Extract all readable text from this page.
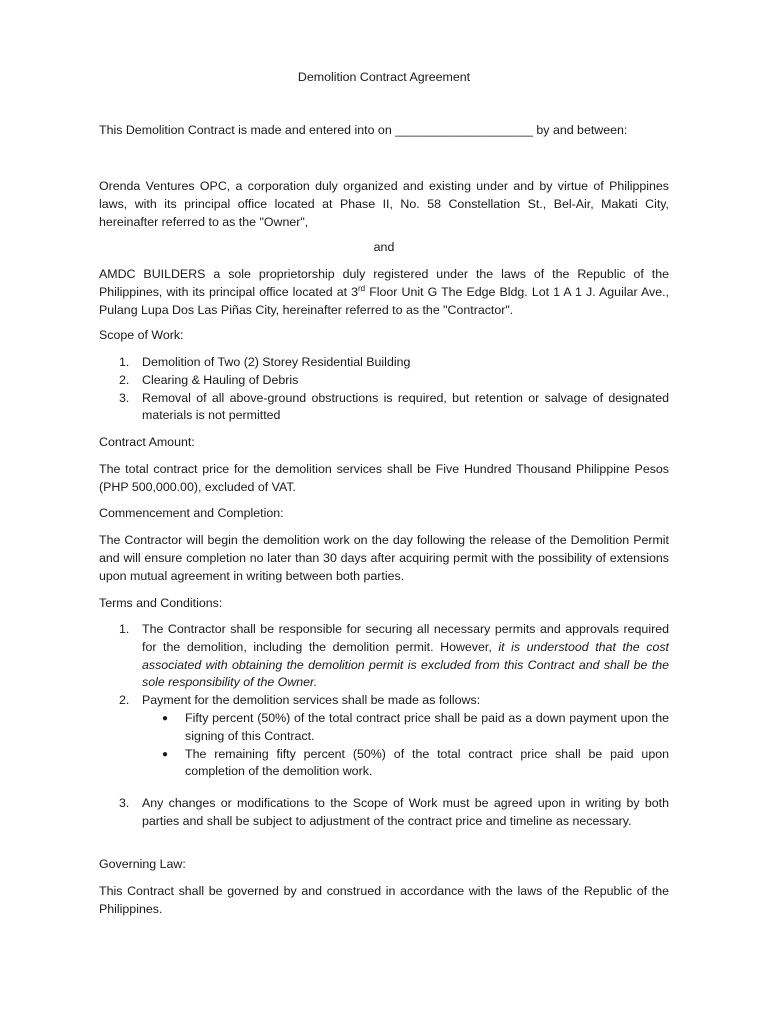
Demolition Contract Agreement

This Demolition Contract is made and entered into on ____________________ by and between:

Orenda Ventures OPC, a corporation duly organized and existing under and by virtue of Philippines laws, with its principal office located at Phase II, No. 58 Constellation St., Bel-Air, Makati City, hereinafter referred to as the "Owner",

and

AMDC BUILDERS a sole proprietorship duly registered under the laws of the Republic of the Philippines, with its principal office located at 3rd Floor Unit G The Edge Bldg. Lot 1 A 1 J. Aguilar Ave., Pulang Lupa Dos Las Piñas City, hereinafter referred to as the "Contractor".

Scope of Work:

1. Demolition of Two (2) Storey Residential Building
2. Clearing & Hauling of Debris
3. Removal of all above-ground obstructions is required, but retention or salvage of designated materials is not permitted

Contract Amount:

The total contract price for the demolition services shall be Five Hundred Thousand Philippine Pesos (PHP 500,000.00), excluded of VAT.

Commencement and Completion:

The Contractor will begin the demolition work on the day following the release of the Demolition Permit and will ensure completion no later than 30 days after acquiring permit with the possibility of extensions upon mutual agreement in writing between both parties.

Terms and Conditions:

1. The Contractor shall be responsible for securing all necessary permits and approvals required for the demolition, including the demolition permit. However, it is understood that the cost associated with obtaining the demolition permit is excluded from this Contract and shall be the sole responsibility of the Owner.
2. Payment for the demolition services shall be made as follows:
● Fifty percent (50%) of the total contract price shall be paid as a down payment upon the signing of this Contract.
● The remaining fifty percent (50%) of the total contract price shall be paid upon completion of the demolition work.
3. Any changes or modifications to the Scope of Work must be agreed upon in writing by both parties and shall be subject to adjustment of the contract price and timeline as necessary.

Governing Law:

This Contract shall be governed by and construed in accordance with the laws of the Republic of the Philippines.
